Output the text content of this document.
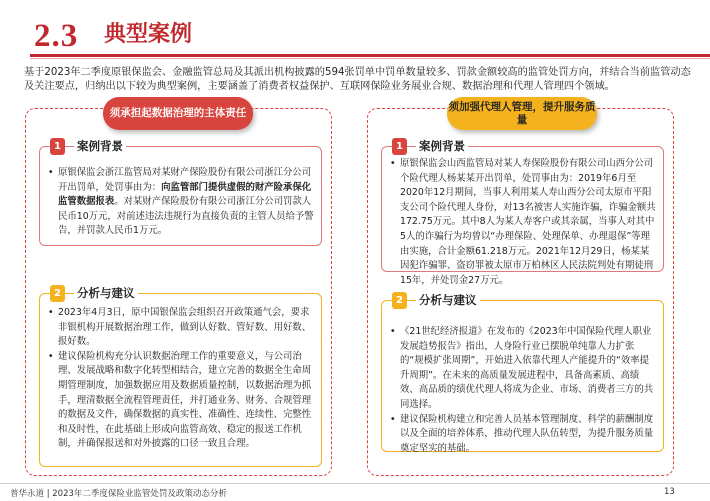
2.3 典型案例
基于2023年二季度原银保监会、金融监管总局及其派出机构披露的594张罚单中罚单数量较多、罚款金额较高的监管处罚方向，并结合当前监管动态及关注要点，归纳出以下较为典型案例，主要涵盖了消费者权益保护、互联网保险业务展业合规、数据治理和代理人管理四个领域。
须承担起数据治理的主体责任
1	案例背景

• 原银保监会浙江监管局对某财产保险股份有限公司浙江分公司开出罚单，处罚事由为：向监管部门提供虚假的财产险承保化监管数据报表。对某财产保险股份有限公司浙江分公司罚款人民币10万元，对前述违法违规行为直接负责的主管人员给予警告，并罚款人民币1万元。

2	分析与建议

• 2023年4月3日，原中国银保监会组织召开政策通气会，要求非银机构开展数据治理工作，做到认好数、管好数、用好数、报好数。

• 建议保险机构充分认识数据治理工作的重要意义，与公司治理、发展战略和数字化转型相结合，建立完善的数据全生命周期管理制度，加强数据应用及数据质量控制，以数据治理为抓手，理清数据全流程管理责任，并打通业务、财务、合规管理的数据及文件，确保数据的真实性、准确性、连续性、完整性和及时性，在此基础上形成向监管高效、稳定的报送工作机制，并确保报送和对外披露的口径一致且合理。

须加强代理人管理，提升服务质量
1	案例背景

• 原银保监会山西监管局对某人寿保险股份有限公司山西分公司个险代理人杨某某开出罚单，处罚事由为：2019年6月至2020年12月期间，当事人利用某人寿山西分公司太原市平阳支公司个险代理人身份，对13名被害人实施诈骗，诈骗金额共172.75万元。其中8人为某人寿客户或其亲属，当事人对其中5人的诈骗行为均曾以“办理保险、处理保单、办理退保”等理由实施，合计金额61.218万元。2021年12月29日，杨某某因犯诈骗罪、盗窃罪被太原市万柏林区人民法院判处有期徒刑15年，并处罚金27万元。

2	分析与建议

• 《21世纪经济报道》在发布的《2023年中国保险代理人职业发展趋势报告》指出，人身险行业已摆脱单纯靠人力扩张的“规模扩张周期”，开始进入依靠代理人产能提升的“效率提升周期”。在未来的高质量发展进程中，具备高素质、高绩效、高品质的绩优代理人将成为企业、市场、消费者三方的共同选择。

• 建议保险机构建立和完善人员基本管理制度、科学的薪酬制度以及全面的培养体系，推动代理人队伍转型，为提升服务质量奠定坚实的基础。

普华永道 | 2023年二季度保险业监管处罚及政策动态分析	13
